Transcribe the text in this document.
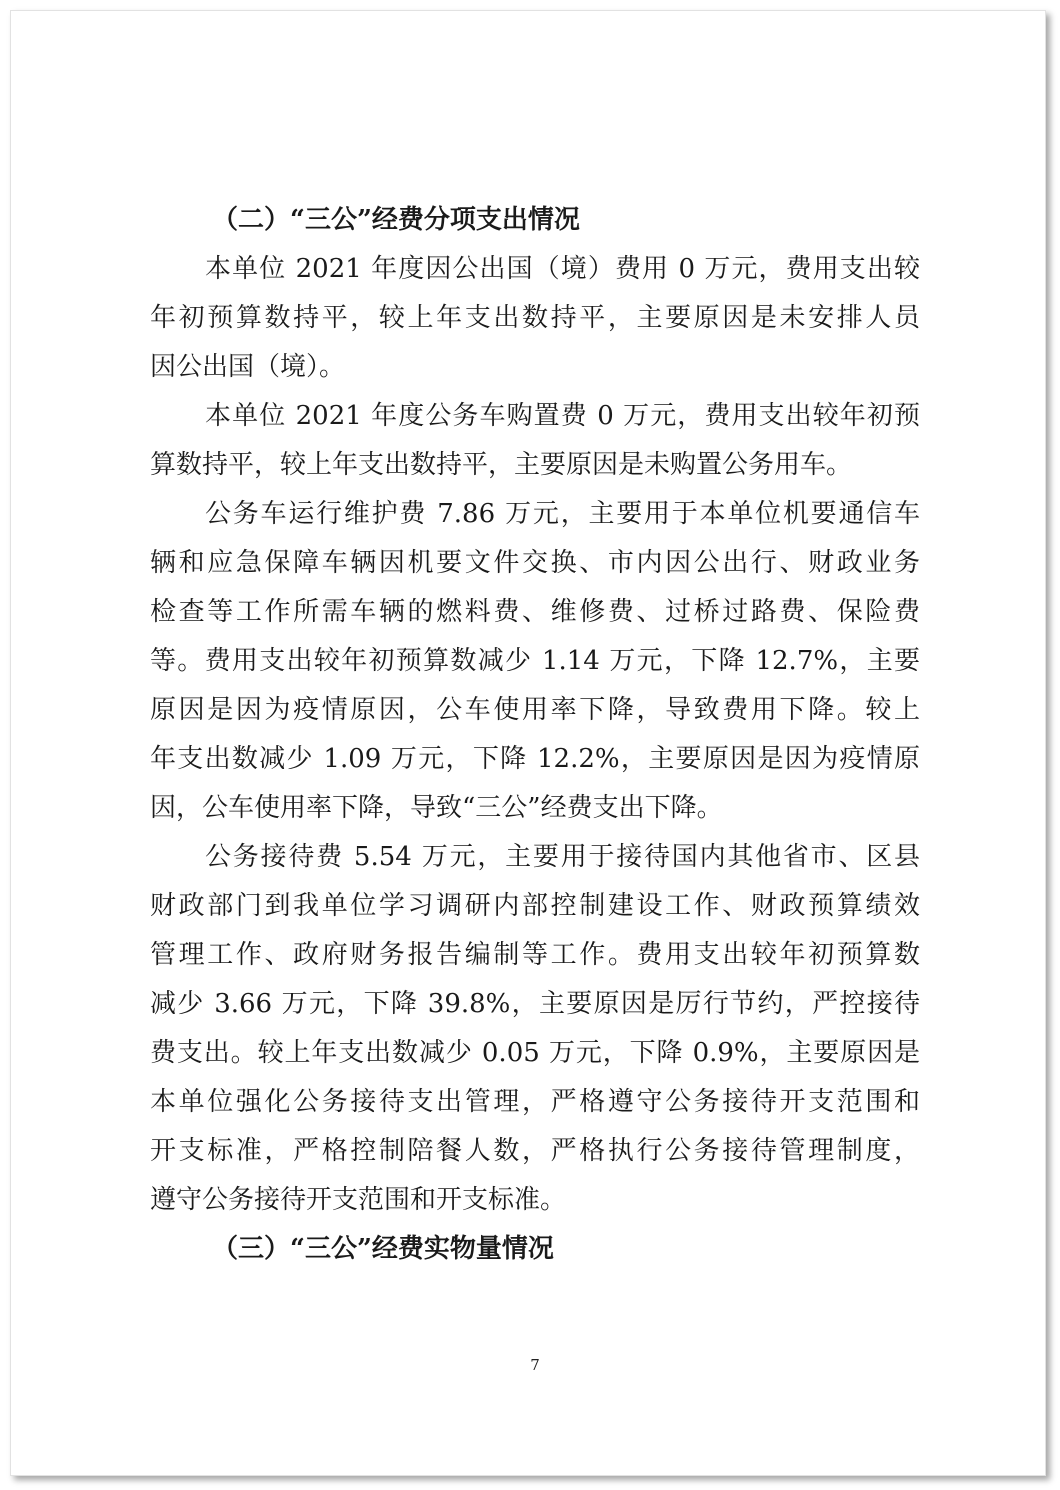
（二）“三公”经费分项支出情况
本单位 2021 年度因公出国（境）费用 0 万元，费用支出较
年初预算数持平，较上年支出数持平，主要原因是未安排人员
因公出国（境）。
本单位 2021 年度公务车购置费 0 万元，费用支出较年初预
算数持平，较上年支出数持平，主要原因是未购置公务用车。
公务车运行维护费 7.86 万元，主要用于本单位机要通信车
辆和应急保障车辆因机要文件交换、市内因公出行、财政业务
检查等工作所需车辆的燃料费、维修费、过桥过路费、保险费
等。费用支出较年初预算数减少 1.14 万元，下降 12.7%，主要
原因是因为疫情原因，公车使用率下降，导致费用下降。较上
年支出数减少 1.09 万元，下降 12.2%，主要原因是因为疫情原
因，公车使用率下降，导致“三公”经费支出下降。
公务接待费 5.54 万元，主要用于接待国内其他省市、区县
财政部门到我单位学习调研内部控制建设工作、财政预算绩效
管理工作、政府财务报告编制等工作。费用支出较年初预算数
减少 3.66 万元，下降 39.8%，主要原因是厉行节约，严控接待
费支出。较上年支出数减少 0.05 万元，下降 0.9%，主要原因是
本单位强化公务接待支出管理，严格遵守公务接待开支范围和
开支标准，严格控制陪餐人数，严格执行公务接待管理制度，
遵守公务接待开支范围和开支标准。
（三）“三公”经费实物量情况
7
